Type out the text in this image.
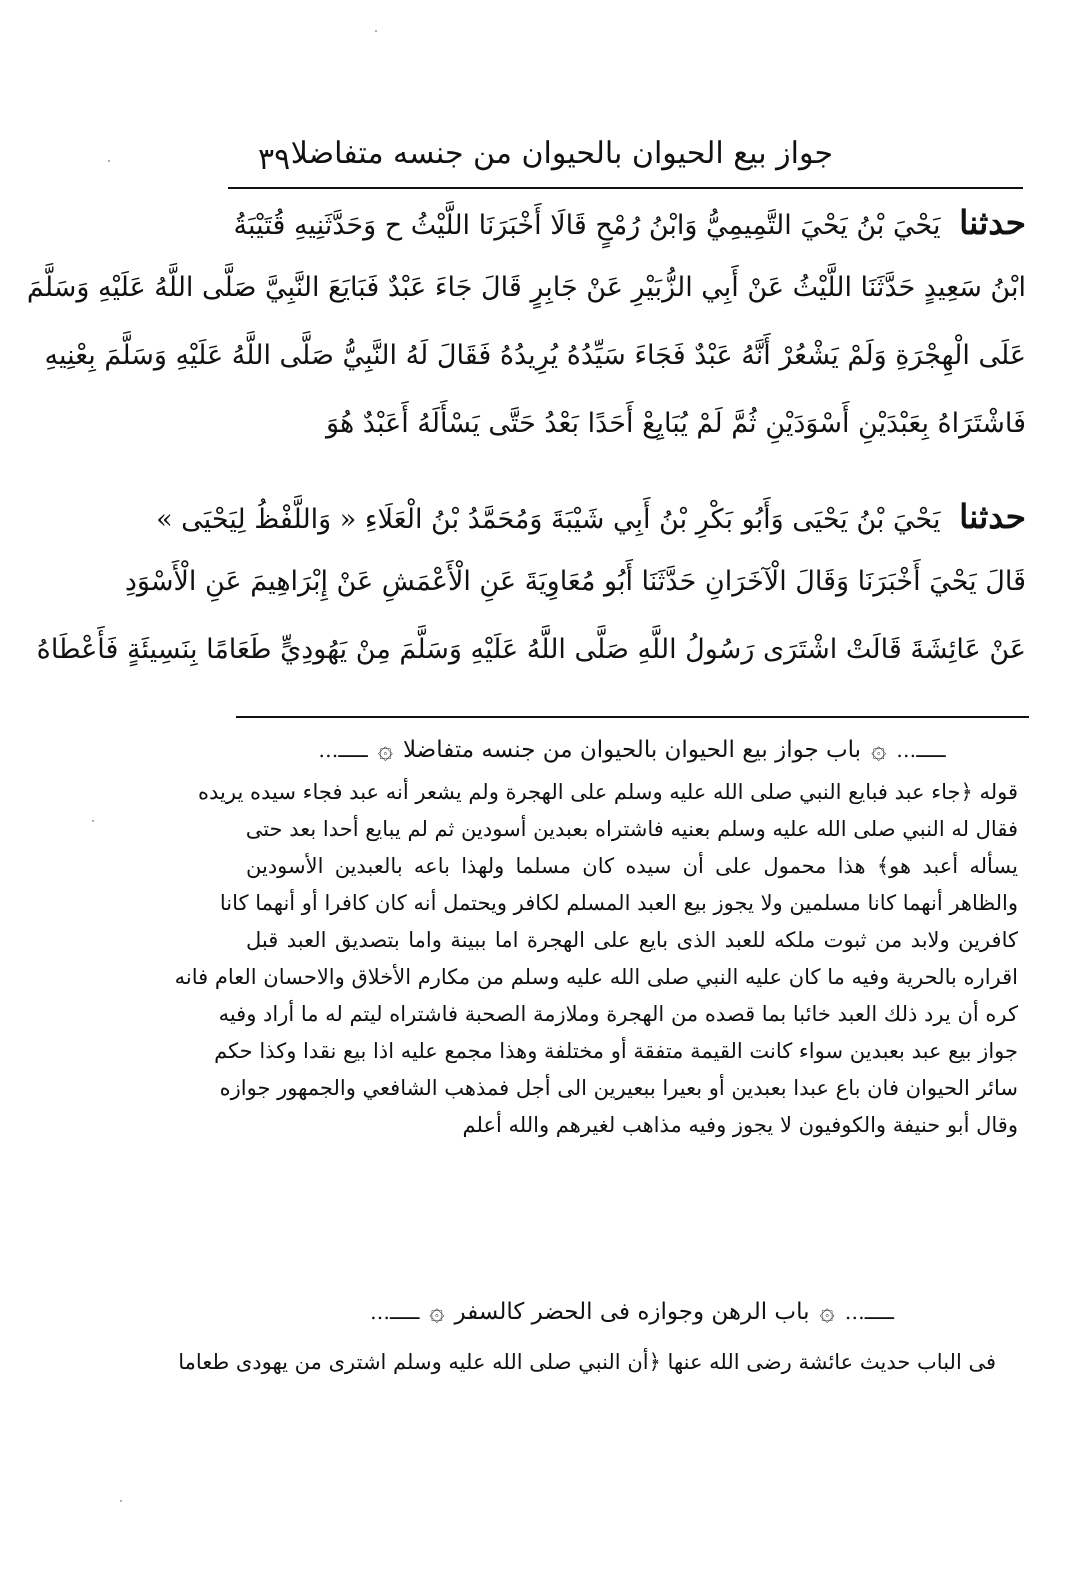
٣٩ جواز بيع الحيوان بالحيوان من جنسه متفاضلا
حدثنا يَحْيَ بْنُ يَحْيَ التَّمِيمِيُّ وَابْنُ رُمْحٍ قَالَا أَخْبَرَنَا اللَّيْثُ ح وَحَدَّثَنِيهِ قُتَيْبَةُ
ابْنُ سَعِيدٍ حَدَّثَنَا اللَّيْثُ عَنْ أَبِي الزُّبَيْرِ عَنْ جَابِرٍ قَالَ جَاءَ عَبْدٌ فَبَايَعَ النَّبِيَّ صَلَّى اللَّهُ عَلَيْهِ وَسَلَّمَ
عَلَى الْهِجْرَةِ وَلَمْ يَشْعُرْ أَنَّهُ عَبْدٌ فَجَاءَ سَيِّدُهُ يُرِيدُهُ فَقَالَ لَهُ النَّبِيُّ صَلَّى اللَّهُ عَلَيْهِ وَسَلَّمَ بِعْنِيهِ
فَاشْتَرَاهُ بِعَبْدَيْنِ أَسْوَدَيْنِ ثُمَّ لَمْ يُبَايِعْ أَحَدًا بَعْدُ حَتَّى يَسْأَلَهُ أَعَبْدٌ هُوَ
حدثنا يَحْيَ بْنُ يَحْيَى وَأَبُو بَكْرِ بْنُ أَبِي شَيْبَةَ وَمُحَمَّدُ بْنُ الْعَلَاءِ « وَاللَّفْظُ لِيَحْيَى »
قَالَ يَحْيَ أَخْبَرَنَا وَقَالَ الْآخَرَانِ حَدَّثَنَا أَبُو مُعَاوِيَةَ عَنِ الْأَعْمَشِ عَنْ إِبْرَاهِيمَ عَنِ الْأَسْوَدِ
عَنْ عَائِشَةَ قَالَتْ اشْتَرَى رَسُولُ اللَّهِ صَلَّى اللَّهُ عَلَيْهِ وَسَلَّمَ مِنْ يَهُودِيٍّ طَعَامًا بِنَسِيئَةٍ فَأَعْطَاهُ
ـــــ…
۞
باب جواز بيع الحيوان بالحيوان من جنسه متفاضلا
۞
ـــــ…
قوله ﴿جاء عبد فبايع النبي صلى الله عليه وسلم على الهجرة ولم يشعر أنه عبد فجاء سيده يريده
فقال له النبي صلى الله عليه وسلم بعنيه فاشتراه بعبدين أسودين ثم لم يبايع أحدا بعد حتى
يسأله أعبد هو﴾ هذا محمول على أن سيده كان مسلما ولهذا باعه بالعبدين الأسودين
والظاهر أنهما كانا مسلمين ولا يجوز بيع العبد المسلم لكافر ويحتمل أنه كان كافرا أو أنهما كانا
كافرين ولابد من ثبوت ملكه للعبد الذى بايع على الهجرة اما ببينة واما بتصديق العبد قبل
اقراره بالحرية وفيه ما كان عليه النبي صلى الله عليه وسلم من مكارم الأخلاق والاحسان العام فانه
كره أن يرد ذلك العبد خائبا بما قصده من الهجرة وملازمة الصحبة فاشتراه ليتم له ما أراد وفيه
جواز بيع عبد بعبدين سواء كانت القيمة متفقة أو مختلفة وهذا مجمع عليه اذا بيع نقدا وكذا حكم
سائر الحيوان فان باع عبدا بعبدين أو بعيرا ببعيرين الى أجل فمذهب الشافعي والجمهور جوازه
وقال أبو حنيفة والكوفيون لا يجوز وفيه مذاهب لغيرهم والله أعلم
ـــــ…
۞
باب الرهن وجوازه فى الحضر كالسفر
۞
ـــــ…
فى الباب حديث عائشة رضى الله عنها ﴿أن النبي صلى الله عليه وسلم اشترى من يهودى طعاما
